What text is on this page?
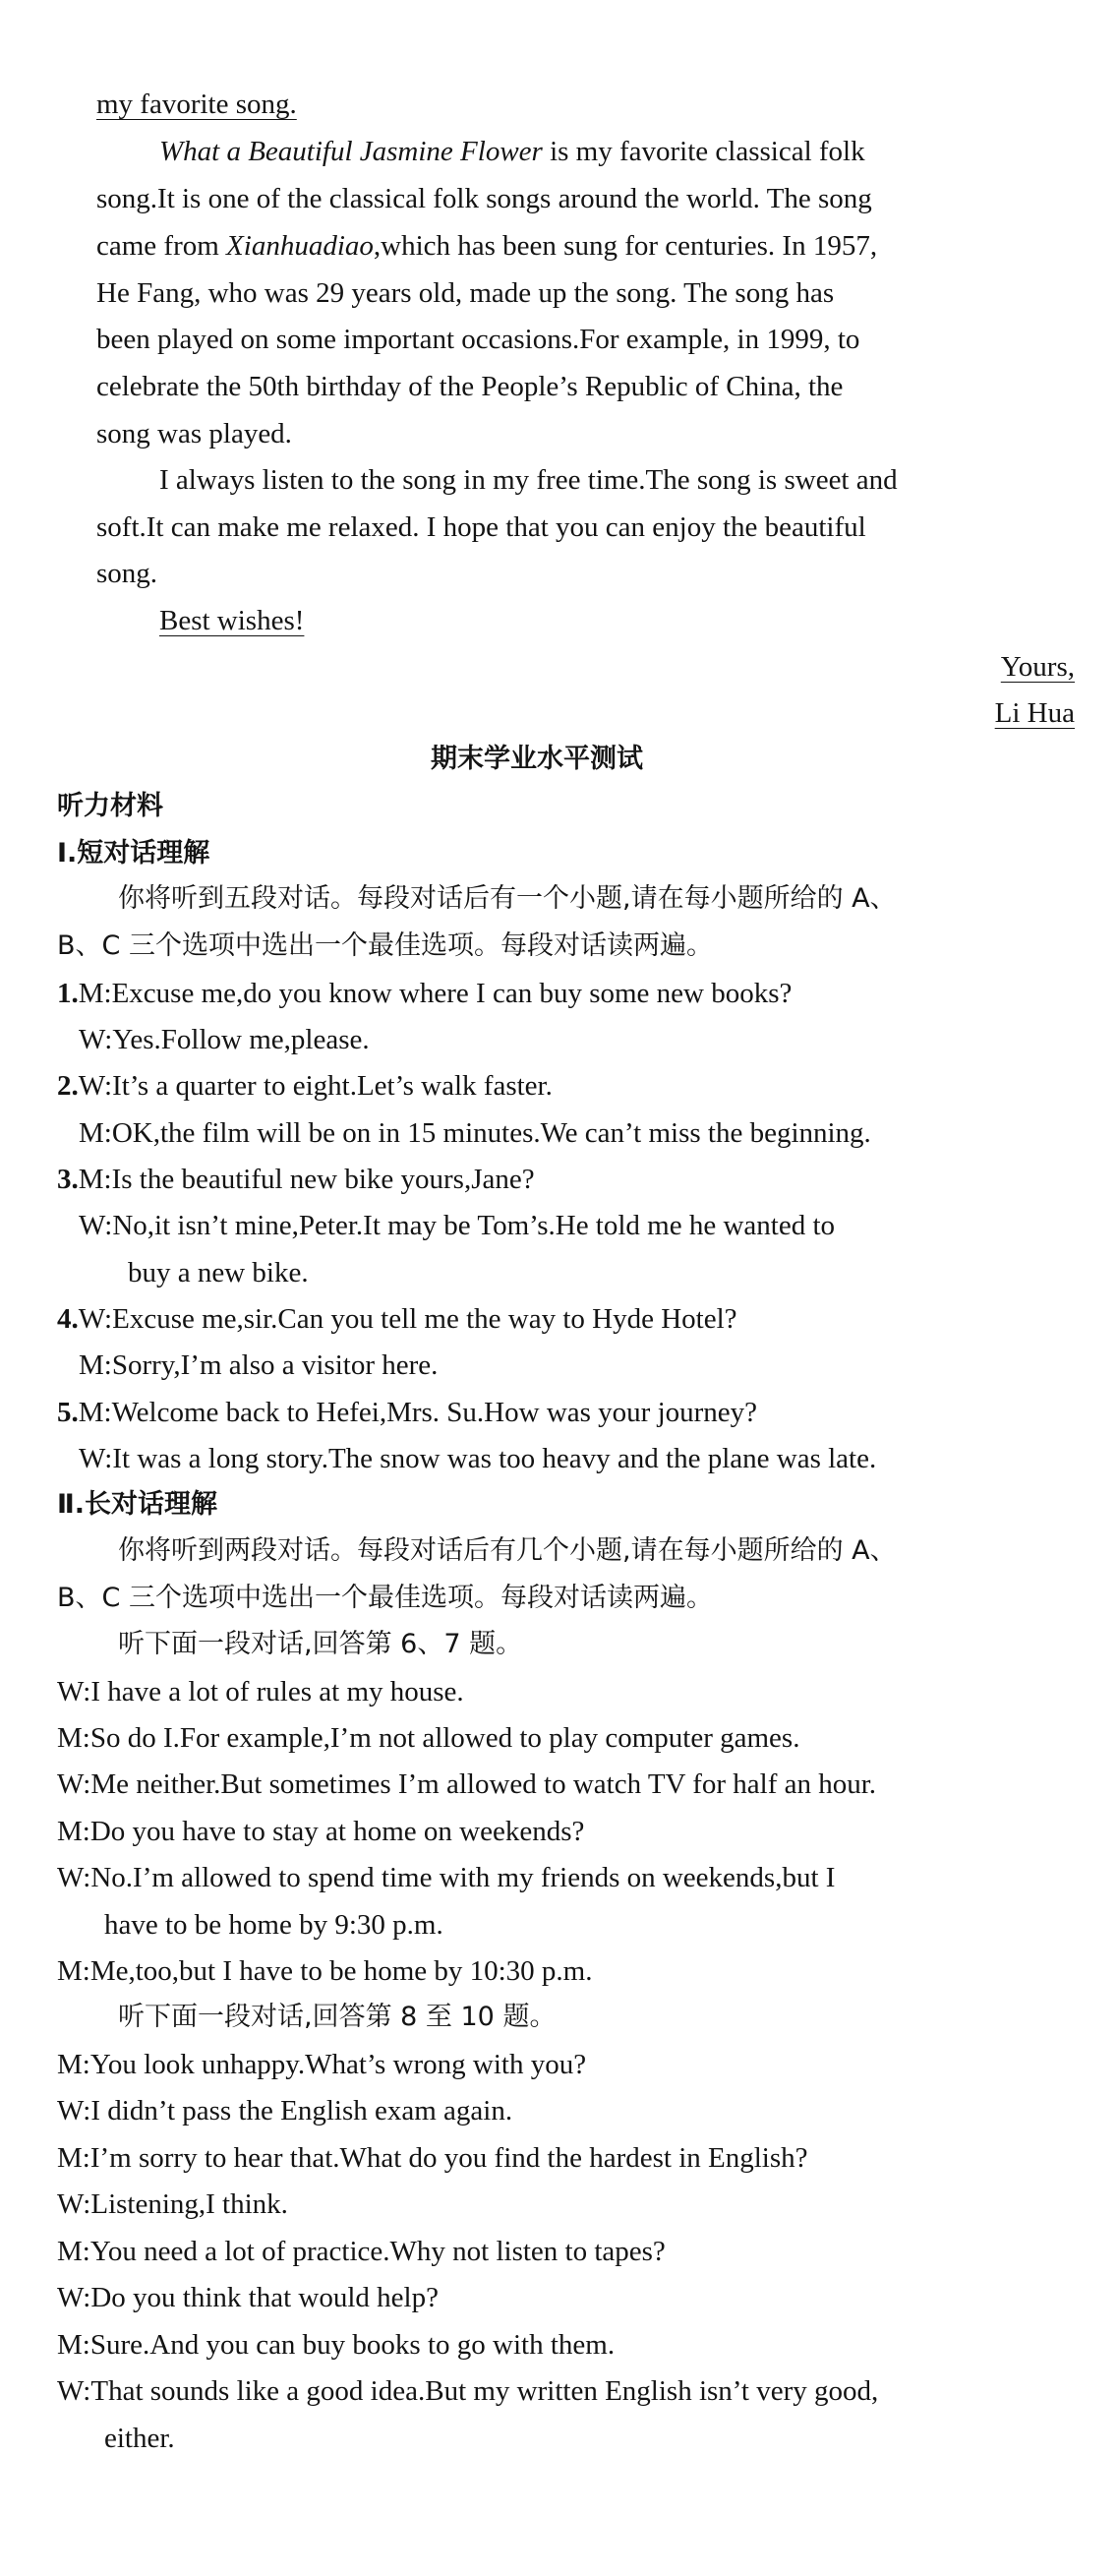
my favorite song.
What a Beautiful Jasmine Flower is my favorite classical folk
song.It is one of the classical folk songs around the world. The song
came from Xianhuadiao,which has been sung for centuries. In 1957,
He Fang, who was 29 years old, made up the song. The song has
been played on some important occasions.For example, in 1999, to
celebrate the 50th birthday of the People’s Republic of China, the
song was played.
I always listen to the song in my free time.The song is sweet and
soft.It can make me relaxed. I hope that you can enjoy the beautiful
song.
Best wishes!
Yours,
Li Hua
期末学业水平测试
听力材料
Ⅰ.短对话理解
你将听到五段对话。每段对话后有一个小题,请在每小题所给的 A、
B、C 三个选项中选出一个最佳选项。每段对话读两遍。
1.M:Excuse me,do you know where I can buy some new books?
W:Yes.Follow me,please.
2.W:It’s a quarter to eight.Let’s walk faster.
M:OK,the film will be on in 15 minutes.We can’t miss the beginning.
3.M:Is the beautiful new bike yours,Jane?
W:No,it isn’t mine,Peter.It may be Tom’s.He told me he wanted to
buy a new bike.
4.W:Excuse me,sir.Can you tell me the way to Hyde Hotel?
M:Sorry,I’m also a visitor here.
5.M:Welcome back to Hefei,Mrs. Su.How was your journey?
W:It was a long story.The snow was too heavy and the plane was late.
Ⅱ.长对话理解
你将听到两段对话。每段对话后有几个小题,请在每小题所给的 A、
B、C 三个选项中选出一个最佳选项。每段对话读两遍。
听下面一段对话,回答第 6、7 题。
W:I have a lot of rules at my house.
M:So do I.For example,I’m not allowed to play computer games.
W:Me neither.But sometimes I’m allowed to watch TV for half an hour.
M:Do you have to stay at home on weekends?
W:No.I’m allowed to spend time with my friends on weekends,but I
have to be home by 9:30 p.m.
M:Me,too,but I have to be home by 10:30 p.m.
听下面一段对话,回答第 8 至 10 题。
M:You look unhappy.What’s wrong with you?
W:I didn’t pass the English exam again.
M:I’m sorry to hear that.What do you find the hardest in English?
W:Listening,I think.
M:You need a lot of practice.Why not listen to tapes?
W:Do you think that would help?
M:Sure.And you can buy books to go with them.
W:That sounds like a good idea.But my written English isn’t very good,
either.
